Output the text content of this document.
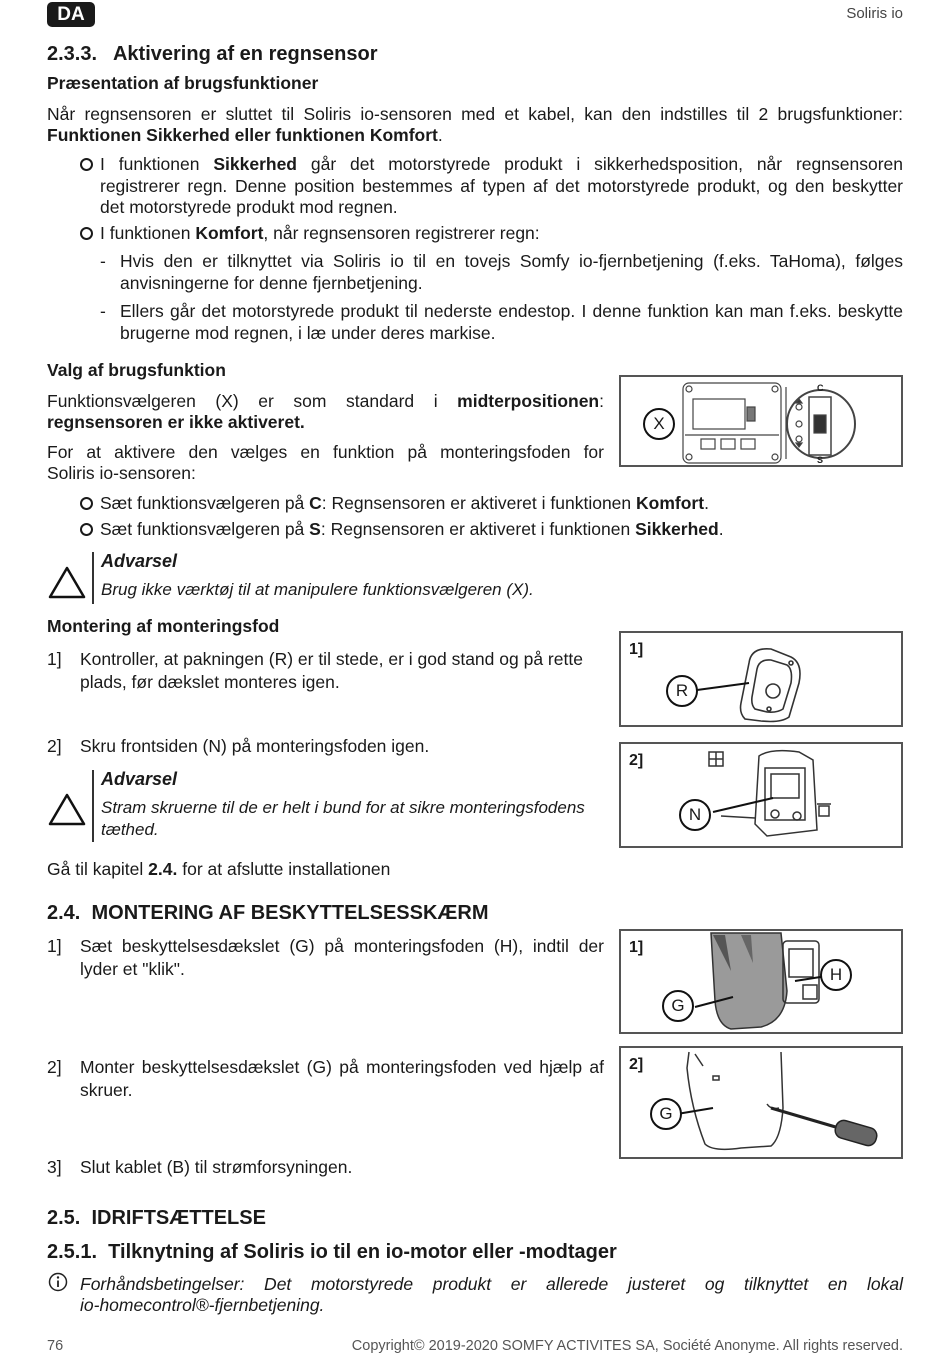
DA	Soliris io
2.3.3. Aktivering af en regnsensor
Præsentation af brugsfunktioner
Når regnsensoren er sluttet til Soliris io-sensoren med et kabel, kan den indstilles til 2 brugsfunktioner:
Funktionen Sikkerhed eller funktionen Komfort.
I funktionen Sikkerhed går det motorstyrede produkt i sikkerhedsposition, når regnsensoren
registrerer regn. Denne position bestemmes af typen af det motorstyrede produkt, og den beskytter
det motorstyrede produkt mod regnen.
I funktionen Komfort, når regnsensoren registrerer regn:
- Hvis den er tilknyttet via Soliris io til en tovejs Somfy io-fjernbetjening (f.eks. TaHoma), følges
anvisningerne for denne fjernbetjening.
- Ellers går det motorstyrede produkt til nederste endestop. I denne funktion kan man f.eks. beskytte
brugerne mod regnen, i læ under deres markise.
Valg af brugsfunktion
Funktionsvælgeren (X) er som standard i midterpositionen:
regnsensoren er ikke aktiveret.
For at aktivere den vælges en funktion på monteringsfoden for
Soliris io-sensoren:
C
S
X
Sæt funktionsvælgeren på C: Regnsensoren er aktiveret i funktionen Komfort.
Sæt funktionsvælgeren på S: Regnsensoren er aktiveret i funktionen Sikkerhed.
Advarsel
Brug ikke værktøj til at manipulere funktionsvælgeren (X).
Montering af monteringsfod
1] Kontroller, at pakningen (R) er til stede, er i god stand og på rette
plads, før dækslet monteres igen.
1]
R
2] Skru frontsiden (N) på monteringsfoden igen.
2]
N
Advarsel
Stram skruerne til de er helt i bund for at sikre monteringsfodens
tæthed.
Gå til kapitel 2.4. for at afslutte installationen
2.4. MONTERING AF BESKYTTELSESSKÆRM
1] Sæt beskyttelsesdækslet (G) på monteringsfoden (H), indtil der
lyder et "klik".
1]
G
H
2] Monter beskyttelsesdækslet (G) på monteringsfoden ved hjælp af
skruer.
2]
G
3] Slut kablet (B) til strømforsyningen.
2.5. IDRIFTSÆTTELSE
2.5.1. Tilknytning af Soliris io til en io-motor eller -modtager
Forhåndsbetingelser: Det motorstyrede produkt er allerede justeret og tilknyttet en lokal
io-homecontrol®-fjernbetjening.
76	Copyright© 2019-2020 SOMFY ACTIVITES SA, Société Anonyme. All rights reserved.
